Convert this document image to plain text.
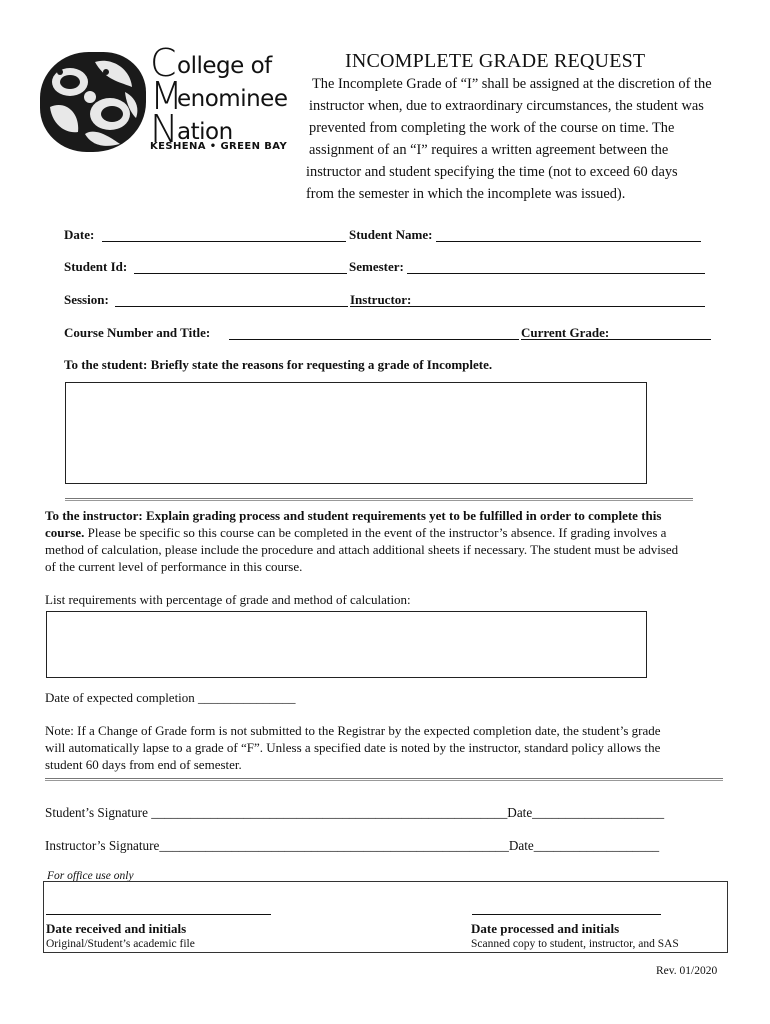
C ollege of
M
enominee
N
ation
KESHENA • GREEN BAY
INCOMPLETE GRADE REQUEST
The Incomplete Grade of “I” shall be assigned at the discretion of the
instructor when, due to extraordinary circumstances, the student was
prevented from completing the work of the course on time. The
assignment of an “I” requires a written agreement between the
instructor and student specifying the time (not to exceed 60 days
from the semester in which the incomplete was issued).
Date:	Student Name:
Student Id:	Semester:
Session:	Instructor:
Course Number and Title:	Current Grade:
To the student: Briefly state the reasons for requesting a grade of Incomplete.
To the instructor: Explain grading process and student requirements yet to be fulfilled in order to complete this
course. Please be specific so this course can be completed in the event of the instructor’s absence. If grading involves a
method of calculation, please include the procedure and attach additional sheets if necessary. The student must be advised
of the current level of performance in this course.
List requirements with percentage of grade and method of calculation:
Date of expected completion _______________
Note: If a Change of Grade form is not submitted to the Registrar by the expected completion date, the student’s grade
will automatically lapse to a grade of “F”. Unless a specified date is noted by the instructor, standard policy allows the
student 60 days from end of semester.
Student’s Signature ______________________________________________________Date____________________
Instructor’s Signature_____________________________________________________Date___________________
For office use only
Date received and initials
Original/Student’s academic file
Date processed and initials
Scanned copy to student, instructor, and SAS
Rev. 01/2020
